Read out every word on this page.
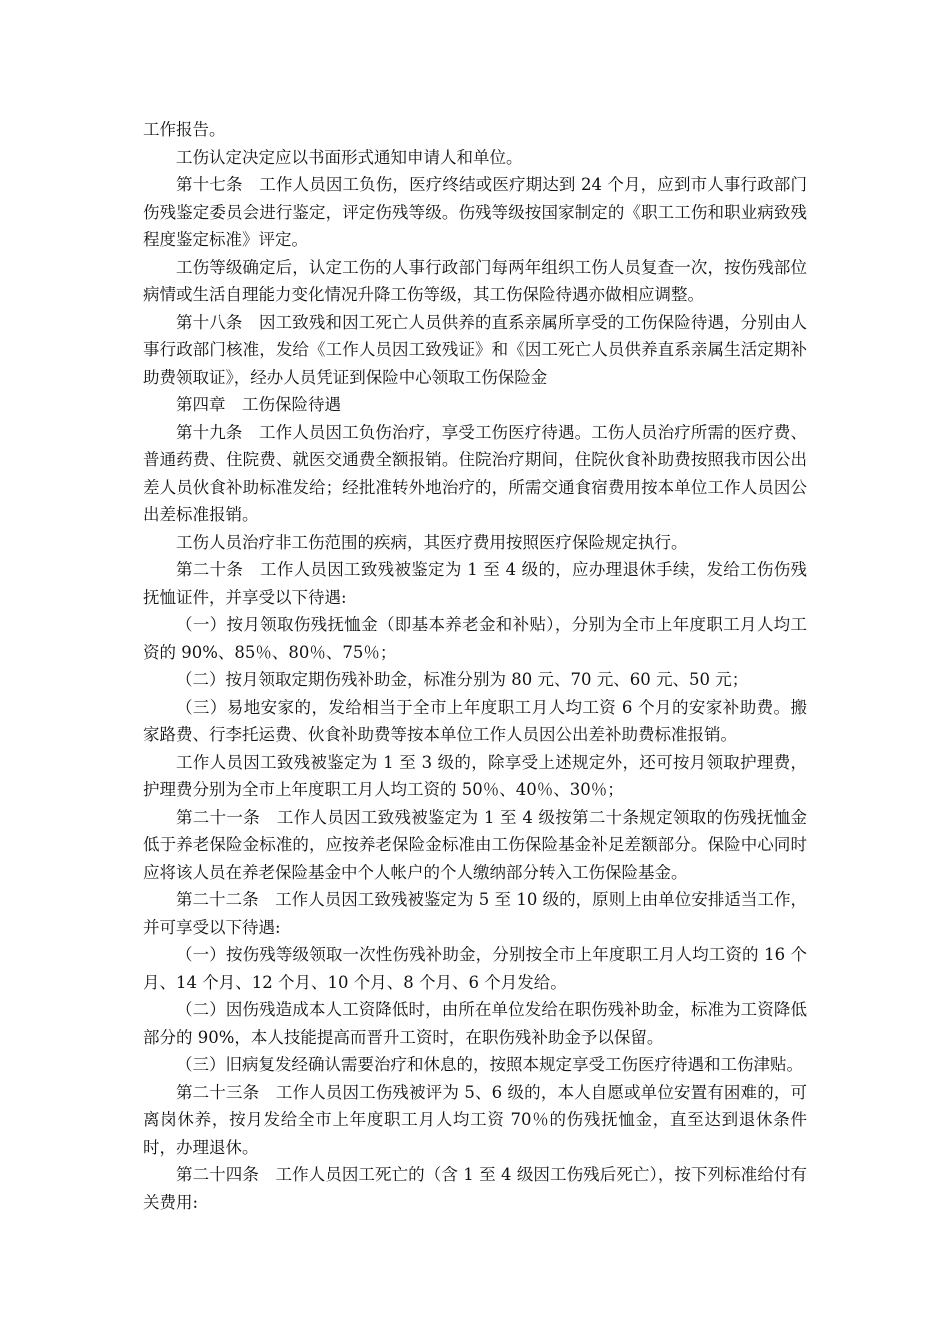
工作报告。

工伤认定决定应以书面形式通知申请人和单位。

第十七条　工作人员因工负伤，医疗终结或医疗期达到 24 个月，应到市人事行政部门伤残鉴定委员会进行鉴定，评定伤残等级。伤残等级按国家制定的《职工工伤和职业病致残程度鉴定标准》评定。

工伤等级确定后，认定工伤的人事行政部门每两年组织工伤人员复查一次，按伤残部位病情或生活自理能力变化情况升降工伤等级，其工伤保险待遇亦做相应调整。

第十八条　因工致残和因工死亡人员供养的直系亲属所享受的工伤保险待遇，分别由人事行政部门核准，发给《工作人员因工致残证》和《因工死亡人员供养直系亲属生活定期补助费领取证》，经办人员凭证到保险中心领取工伤保险金

第四章　工伤保险待遇

第十九条　工作人员因工负伤治疗，享受工伤医疗待遇。工伤人员治疗所需的医疗费、普通药费、住院费、就医交通费全额报销。住院治疗期间，住院伙食补助费按照我市因公出差人员伙食补助标准发给；经批准转外地治疗的，所需交通食宿费用按本单位工作人员因公出差标准报销。

工伤人员治疗非工伤范围的疾病，其医疗费用按照医疗保险规定执行。

第二十条　工作人员因工致残被鉴定为 1 至 4 级的，应办理退休手续，发给工伤伤残抚恤证件，并享受以下待遇:

（一）按月领取伤残抚恤金（即基本养老金和补贴），分别为全市上年度职工月人均工资的 90%、85％、80％、75％；

（二）按月领取定期伤残补助金，标准分别为 80 元、70 元、60 元、50 元；

（三）易地安家的，发给相当于全市上年度职工月人均工资 6 个月的安家补助费。搬家路费、行李托运费、伙食补助费等按本单位工作人员因公出差补助费标准报销。

工作人员因工致残被鉴定为 1 至 3 级的，除享受上述规定外，还可按月领取护理费，护理费分别为全市上年度职工月人均工资的 50％、40％、30％；

第二十一条　工作人员因工致残被鉴定为 1 至 4 级按第二十条规定领取的伤残抚恤金低于养老保险金标准的，应按养老保险金标准由工伤保险基金补足差额部分。保险中心同时应将该人员在养老保险基金中个人帐户的个人缴纳部分转入工伤保险基金。

第二十二条　工作人员因工致残被鉴定为 5 至 10 级的，原则上由单位安排适当工作，并可享受以下待遇:

（一）按伤残等级领取一次性伤残补助金，分别按全市上年度职工月人均工资的 16 个月、14 个月、12 个月、10 个月、8 个月、6 个月发给。

（二）因伤残造成本人工资降低时，由所在单位发给在职伤残补助金，标准为工资降低部分的 90%，本人技能提高而晋升工资时，在职伤残补助金予以保留。

（三）旧病复发经确认需要治疗和休息的，按照本规定享受工伤医疗待遇和工伤津贴。

第二十三条　工作人员因工伤残被评为 5、6 级的，本人自愿或单位安置有困难的，可离岗休养，按月发给全市上年度职工月人均工资 70％的伤残抚恤金，直至达到退休条件时，办理退休。

第二十四条　工作人员因工死亡的（含 1 至 4 级因工伤残后死亡），按下列标准给付有关费用:
